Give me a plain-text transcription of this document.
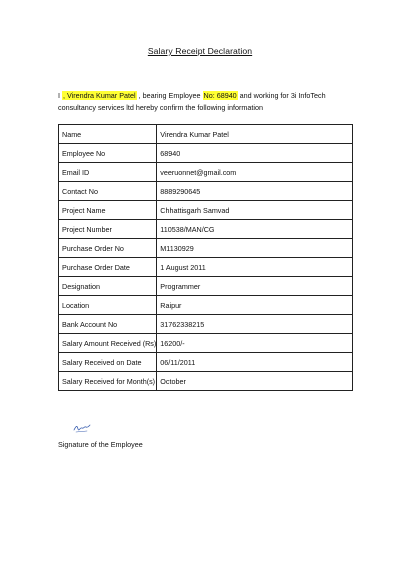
Salary Receipt Declaration
I , Virendra Kumar Patel , bearing Employee No: 68940 and working for 3i InfoTech consultancy services ltd hereby confirm the following information
Name	Virendra Kumar Patel
Employee No	68940
Email ID	veeruonnet@gmail.com
Contact No	8889290645
Project Name	Chhattisgarh Samvad
Project Number	110538/MAN/CG
Purchase Order No	M1130929
Purchase Order Date	1 August 2011
Designation	Programmer
Location	Raipur
Bank Account No	31762338215
Salary Amount Received (Rs)	16200/-
Salary Received on Date	06/11/2011
Salary Received for Month(s)	October
Signature of the Employee
